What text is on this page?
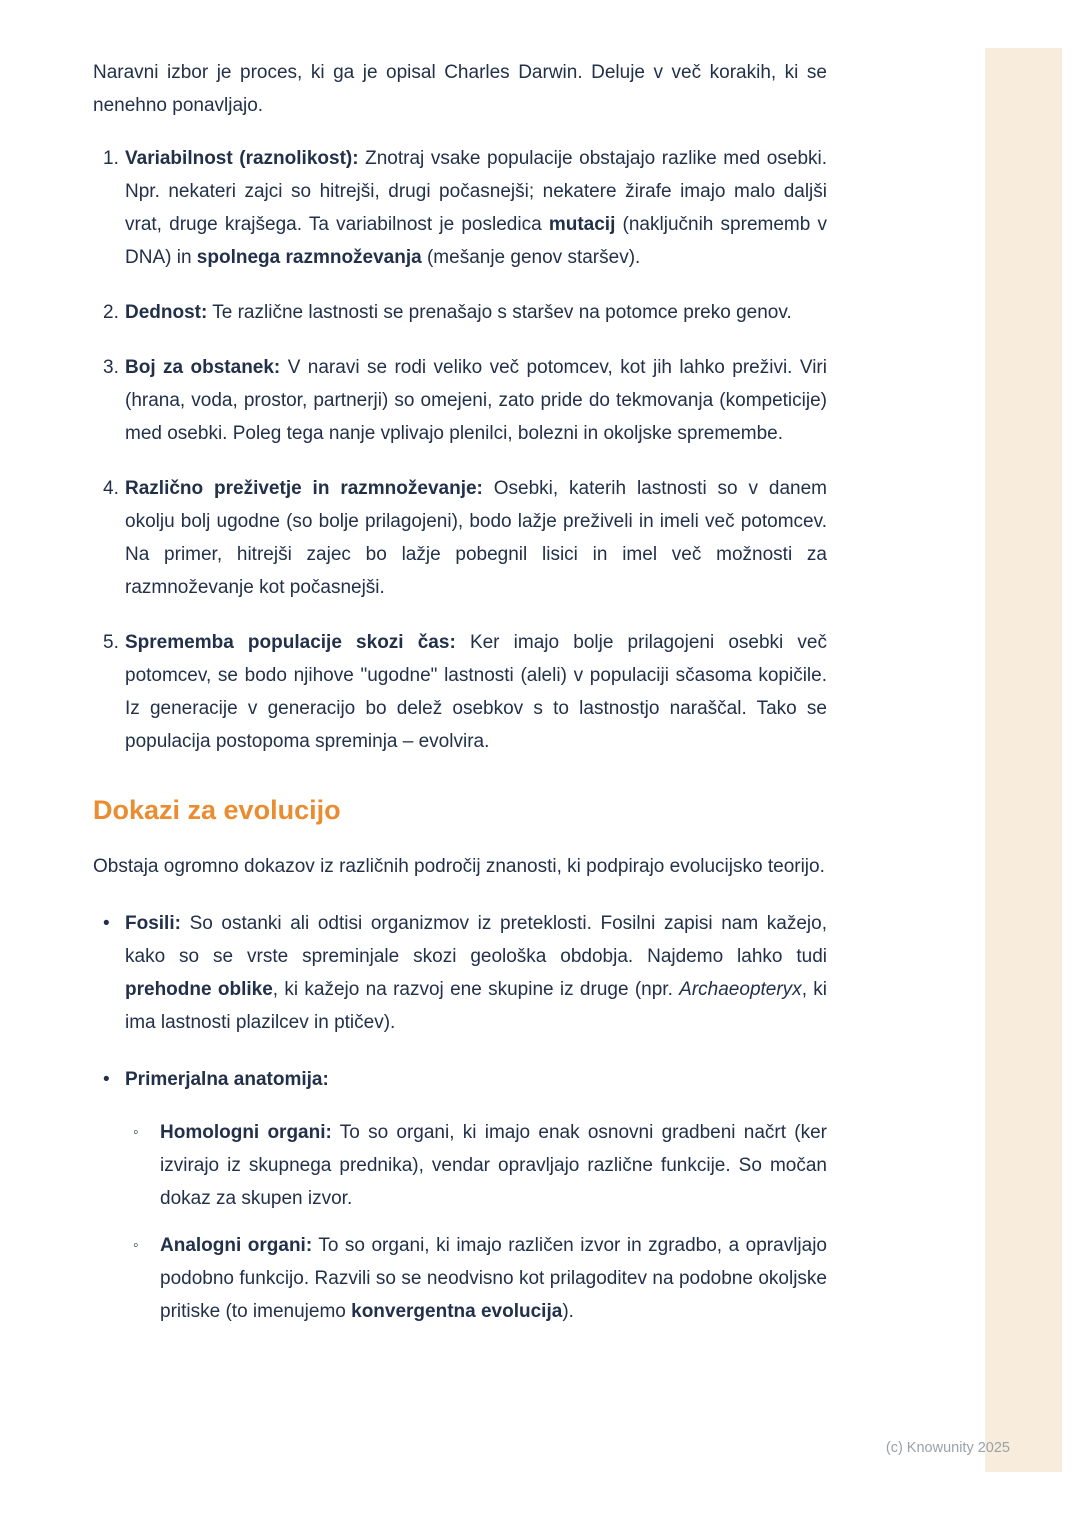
Naravni izbor je proces, ki ga je opisal Charles Darwin. Deluje v več korakih, ki se nenehno ponavljajo.

1. Variabilnost (raznolikost): Znotraj vsake populacije obstajajo razlike med osebki. Npr. nekateri zajci so hitrejši, drugi počasnejši; nekatere žirafe imajo malo daljši vrat, druge krajšega. Ta variabilnost je posledica mutacij (naključnih sprememb v DNA) in spolnega razmnoževanja (mešanje genov staršev).
2. Dednost: Te različne lastnosti se prenašajo s staršev na potomce preko genov.
3. Boj za obstanek: V naravi se rodi veliko več potomcev, kot jih lahko preživi. Viri (hrana, voda, prostor, partnerji) so omejeni, zato pride do tekmovanja (kompeticije) med osebki. Poleg tega nanje vplivajo plenilci, bolezni in okoljske spremembe.
4. Različno preživetje in razmnoževanje: Osebki, katerih lastnosti so v danem okolju bolj ugodne (so bolje prilagojeni), bodo lažje preživeli in imeli več potomcev. Na primer, hitrejši zajec bo lažje pobegnil lisici in imel več možnosti za razmnoževanje kot počasnejši.
5. Sprememba populacije skozi čas: Ker imajo bolje prilagojeni osebki več potomcev, se bodo njihove "ugodne" lastnosti (aleli) v populaciji sčasoma kopičile. Iz generacije v generacijo bo delež osebkov s to lastnostjo naraščal. Tako se populacija postopoma spreminja – evolvira.
Dokazi za evolucijo

Obstaja ogromno dokazov iz različnih področij znanosti, ki podpirajo evolucijsko teorijo.

• Fosili: So ostanki ali odtisi organizmov iz preteklosti. Fosilni zapisi nam kažejo, kako so se vrste spreminjale skozi geološka obdobja. Najdemo lahko tudi prehodne oblike, ki kažejo na razvoj ene skupine iz druge (npr. Archaeopteryx, ki ima lastnosti plazilcev in ptičev).
• Primerjalna anatomija:
◦	Homologni organi: To so organi, ki imajo enak osnovni gradbeni načrt (ker izvirajo iz skupnega prednika), vendar opravljajo različne funkcije. So močan dokaz za skupen izvor.
◦	Analogni organi: To so organi, ki imajo različen izvor in zgradbo, a opravljajo podobno funkcijo. Razvili so se neodvisno kot prilagoditev na podobne okoljske pritiske (to imenujemo konvergentna evolucija).
(c) Knowunity 2025
